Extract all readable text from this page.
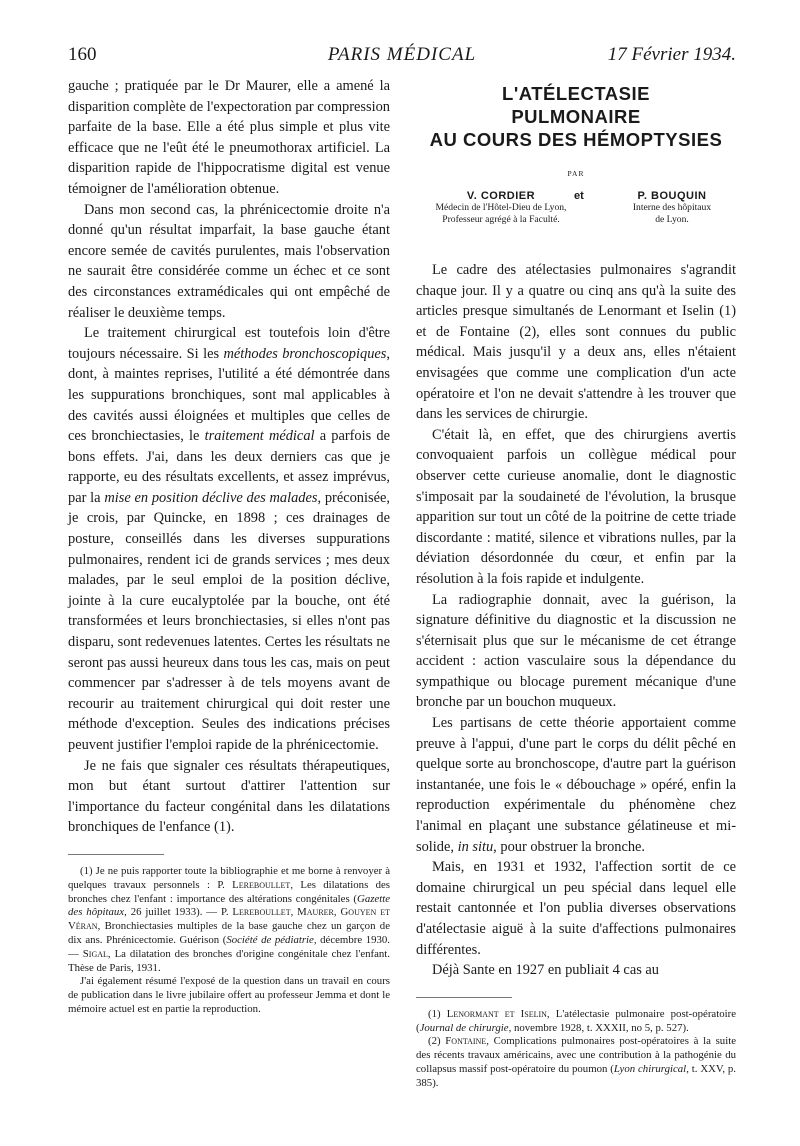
160	PARIS MÉDICAL	17 Février 1934.

gauche ; pratiquée par le Dr Maurer, elle a amené la disparition complète de l'expectoration par compression parfaite de la base. Elle a été plus simple et plus vite efficace que ne l'eût été le pneumothorax artificiel. La disparition rapide de l'hippocratisme digital est venue témoigner de l'amélioration obtenue.

Dans mon second cas, la phrénicectomie droite n'a donné qu'un résultat imparfait, la base gauche étant encore semée de cavités purulentes, mais l'observation ne saurait être considérée comme un échec et ce sont des circonstances extramédicales qui ont empêché de réaliser le deuxième temps.

Le traitement chirurgical est toutefois loin d'être toujours nécessaire. Si les méthodes bronchoscopiques, dont, à maintes reprises, l'utilité a été démontrée dans les suppurations bronchiques, sont mal applicables à des cavités aussi éloignées et multiples que celles de ces bronchiectasies, le traitement médical a parfois de bons effets. J'ai, dans les deux derniers cas que je rapporte, eu des résultats excellents, et assez imprévus, par la mise en position déclive des malades, préconisée, je crois, par Quincke, en 1898 ; ces drainages de posture, conseillés dans les diverses suppurations pulmonaires, rendent ici de grands services ; mes deux malades, par le seul emploi de la position déclive, jointe à la cure eucalyptolée par la bouche, ont été transformées et leurs bronchiectasies, si elles n'ont pas disparu, sont redevenues latentes. Certes les résultats ne seront pas aussi heureux dans tous les cas, mais on peut commencer par s'adresser à de tels moyens avant de recourir au traitement chirurgical qui doit rester une méthode d'exception. Seules des indications précises peuvent justifier l'emploi rapide de la phrénicectomie.

Je ne fais que signaler ces résultats thérapeutiques, mon but étant surtout d'attirer l'attention sur l'importance du facteur congénital dans les dilatations bronchiques de l'enfance (1).

(1) Je ne puis rapporter toute la bibliographie et me borne à renvoyer à quelques travaux personnels : P. Lereboullet, Les dilatations des bronches chez l'enfant : importance des altérations congénitales (Gazette des hôpitaux, 26 juillet 1933). — P. Lereboullet, Maurer, Gouyen et Véran, Bronchiectasies multiples de la base gauche chez un garçon de dix ans. Phrénicectomie. Guérison (Société de pédiatrie, décembre 1930. — Sigal, La dilatation des bronches d'origine congénitale chez l'enfant. Thèse de Paris, 1931.

J'ai également résumé l'exposé de la question dans un travail en cours de publication dans le livre jubilaire offert au professeur Jemma et dont le mémoire actuel est en partie la reproduction.

L'ATÉLECTASIE
PULMONAIRE
AU COURS DES HÉMOPTYSIES
PAR
V. CORDIER
Médecin de l'Hôtel-Dieu de Lyon,
Professeur agrégé à la Faculté.
et	P. BOUQUIN
Interne des hôpitaux
de Lyon.

Le cadre des atélectasies pulmonaires s'agrandit chaque jour. Il y a quatre ou cinq ans qu'à la suite des articles presque simultanés de Lenormant et Iselin (1) et de Fontaine (2), elles sont connues du public médical. Mais jusqu'il y a deux ans, elles n'étaient envisagées que comme une complication d'un acte opératoire et l'on ne devait s'attendre à les trouver que dans les services de chirurgie.

C'était là, en effet, que des chirurgiens avertis convoquaient parfois un collègue médical pour observer cette curieuse anomalie, dont le diagnostic s'imposait par la soudaineté de l'évolution, la brusque apparition sur tout un côté de la poitrine de cette triade discordante : matité, silence et vibrations nulles, par la déviation désordonnée du cœur, et enfin par la résolution à la fois rapide et indulgente.

La radiographie donnait, avec la guérison, la signature définitive du diagnostic et la discussion ne s'éternisait plus que sur le mécanisme de cet étrange accident : action vasculaire sous la dépendance du sympathique ou blocage purement mécanique d'une bronche par un bouchon muqueux.

Les partisans de cette théorie apportaient comme preuve à l'appui, d'une part le corps du délit pêché en quelque sorte au bronchoscope, d'autre part la guérison instantanée, une fois le « débouchage » opéré, enfin la reproduction expérimentale du phénomène chez l'animal en plaçant une substance gélatineuse et mi-solide, in situ, pour obstruer la bronche.

Mais, en 1931 et 1932, l'affection sortit de ce domaine chirurgical un peu spécial dans lequel elle restait cantonnée et l'on publia diverses observations d'atélectasie aiguë à la suite d'affections pulmonaires différentes.

Déjà Sante en 1927 en publiait 4 cas au

(1) Lenormant et Iselin, L'atélectasie pulmonaire post-opératoire (Journal de chirurgie, novembre 1928, t. XXXII, no 5, p. 527).

(2) Fontaine, Complications pulmonaires post-opératoires à la suite des récents travaux américains, avec une contribution à la pathogénie du collapsus massif post-opératoire du poumon (Lyon chirurgical, t. XXV, p. 385).
